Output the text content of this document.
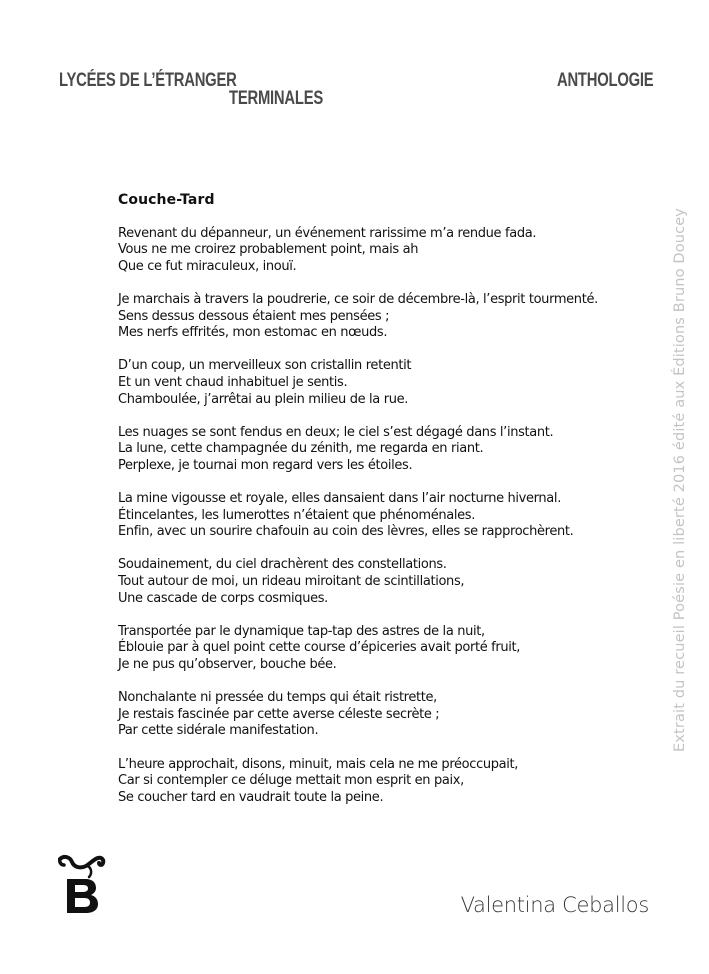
LYCÉES DE L’ÉTRANGER
TERMINALES
ANTHOLOGIE
Couche-Tard
Revenant du dépanneur, un événement rarissime m’a rendue fada.
Vous ne me croirez probablement point, mais ah
Que ce fut miraculeux, inouï.
Je marchais à travers la poudrerie, ce soir de décembre-là, l’esprit tourmenté.
Sens dessus dessous étaient mes pensées ;
Mes nerfs effrités, mon estomac en nœuds.
D’un coup, un merveilleux son cristallin retentit
Et un vent chaud inhabituel je sentis.
Chamboulée, j’arrêtai au plein milieu de la rue.
Les nuages se sont fendus en deux; le ciel s’est dégagé dans l’instant.
La lune, cette champagnée du zénith, me regarda en riant.
Perplexe, je tournai mon regard vers les étoiles.
La mine vigousse et royale, elles dansaient dans l’air nocturne hivernal.
Étincelantes, les lumerottes n’étaient que phénoménales.
Enfin, avec un sourire chafouin au coin des lèvres, elles se rapprochèrent.
Soudainement, du ciel drachèrent des constellations.
Tout autour de moi, un rideau miroitant de scintillations,
Une cascade de corps cosmiques.
Transportée par le dynamique tap-tap des astres de la nuit,
Éblouie par à quel point cette course d’épiceries avait porté fruit,
Je ne pus qu’observer, bouche bée.
Nonchalante ni pressée du temps qui était ristrette,
Je restais fascinée par cette averse céleste secrète ;
Par cette sidérale manifestation.
L’heure approchait, disons, minuit, mais cela ne me préoccupait,
Car si contempler ce déluge mettait mon esprit en paix,
Se coucher tard en vaudrait toute la peine.
Extrait du recueil Poésie en liberté 2016 édité aux Éditions Bruno Doucey
Valentina Ceballos
